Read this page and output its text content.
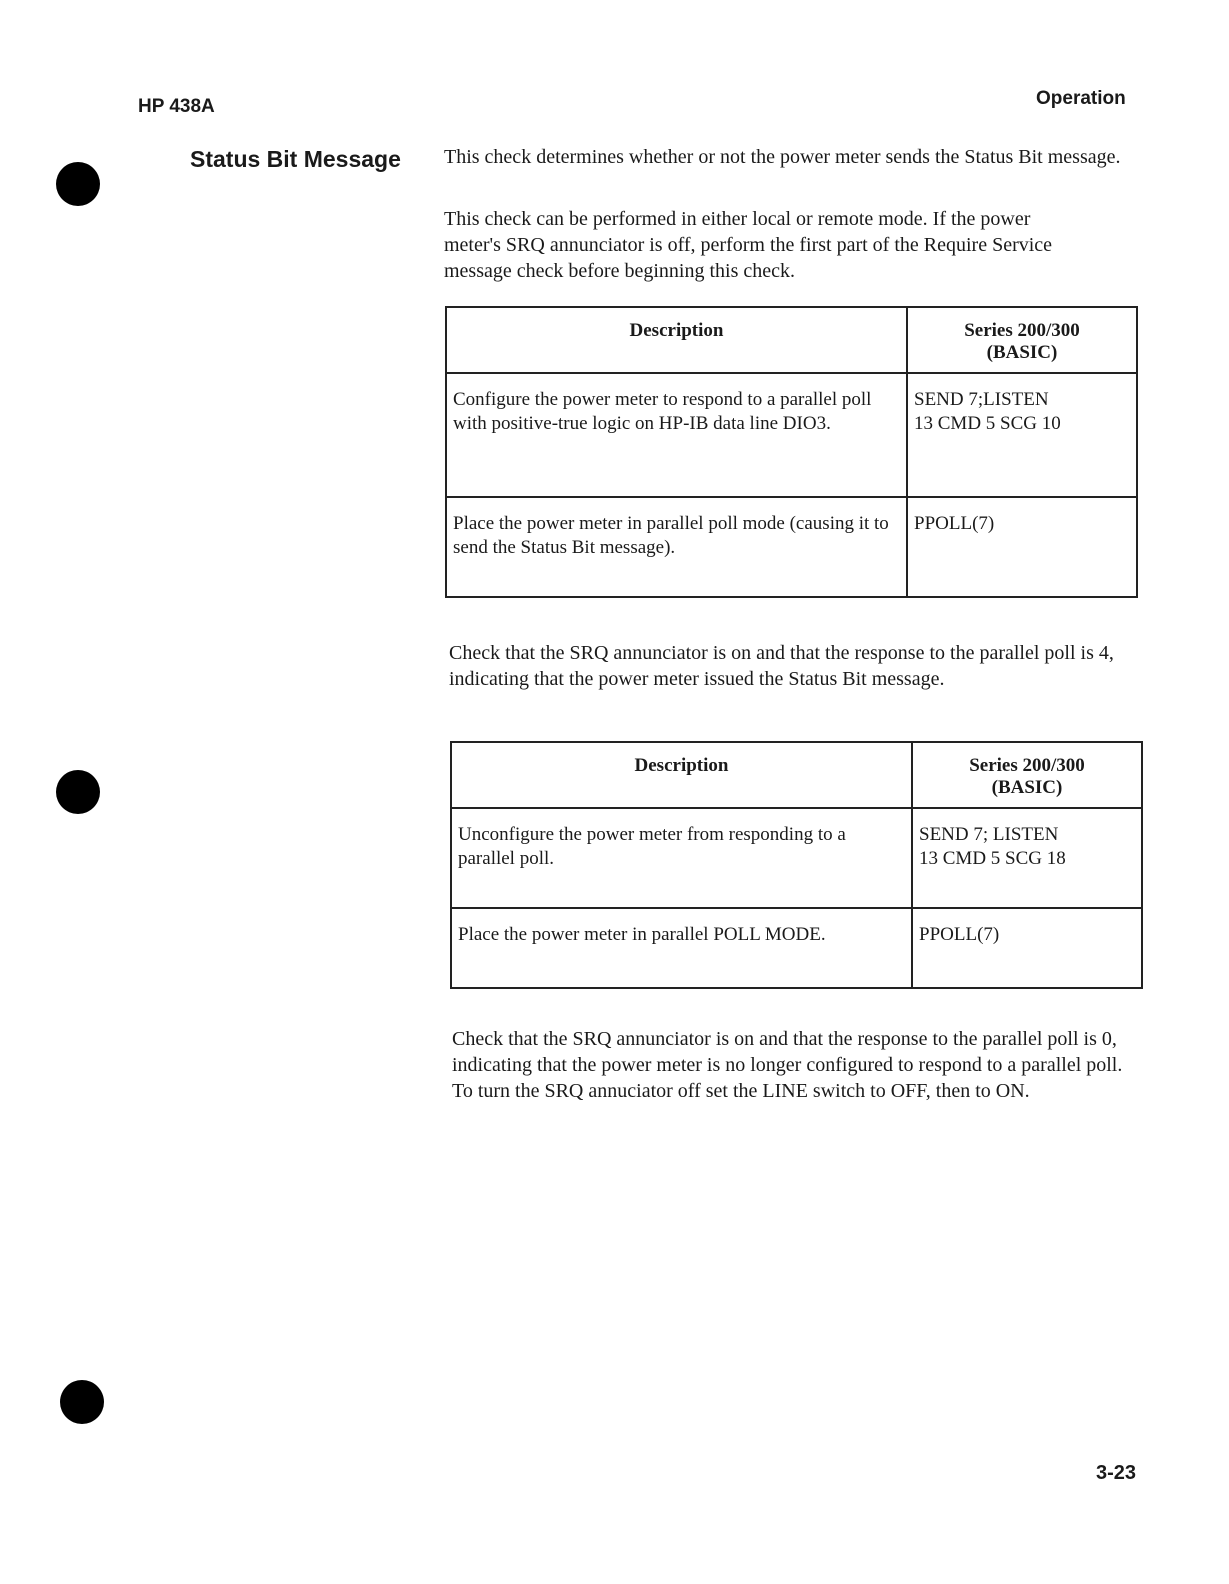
HP 438A	Operation
Status Bit Message This check determines whether or not the power meter sends the Status Bit message.

This check can be performed in either local or remote mode. If the power meter's SRQ annunciator is off, perform the first part of the Require Service message check before beginning this check.

Description	Series 200/300
(BASIC)

Configure the power meter to respond to a parallel poll with positive-true logic on HP-IB data line DIO3.	SEND 7;LISTEN
13 CMD 5 SCG 10

Place the power meter in parallel poll mode (causing it to send the Status Bit message).	PPOLL(7)

Check that the SRQ annunciator is on and that the response to the parallel poll is 4, indicating that the power meter issued the Status Bit message.

Description	Series 200/300
(BASIC)

Unconfigure the power meter from responding to a parallel poll.	SEND 7; LISTEN
13 CMD 5 SCG 18

Place the power meter in parallel POLL MODE.	PPOLL(7)

Check that the SRQ annunciator is on and that the response to the parallel poll is 0, indicating that the power meter is no longer configured to respond to a parallel poll. To turn the SRQ annuciator off set the LINE switch to OFF, then to ON.

3-23
